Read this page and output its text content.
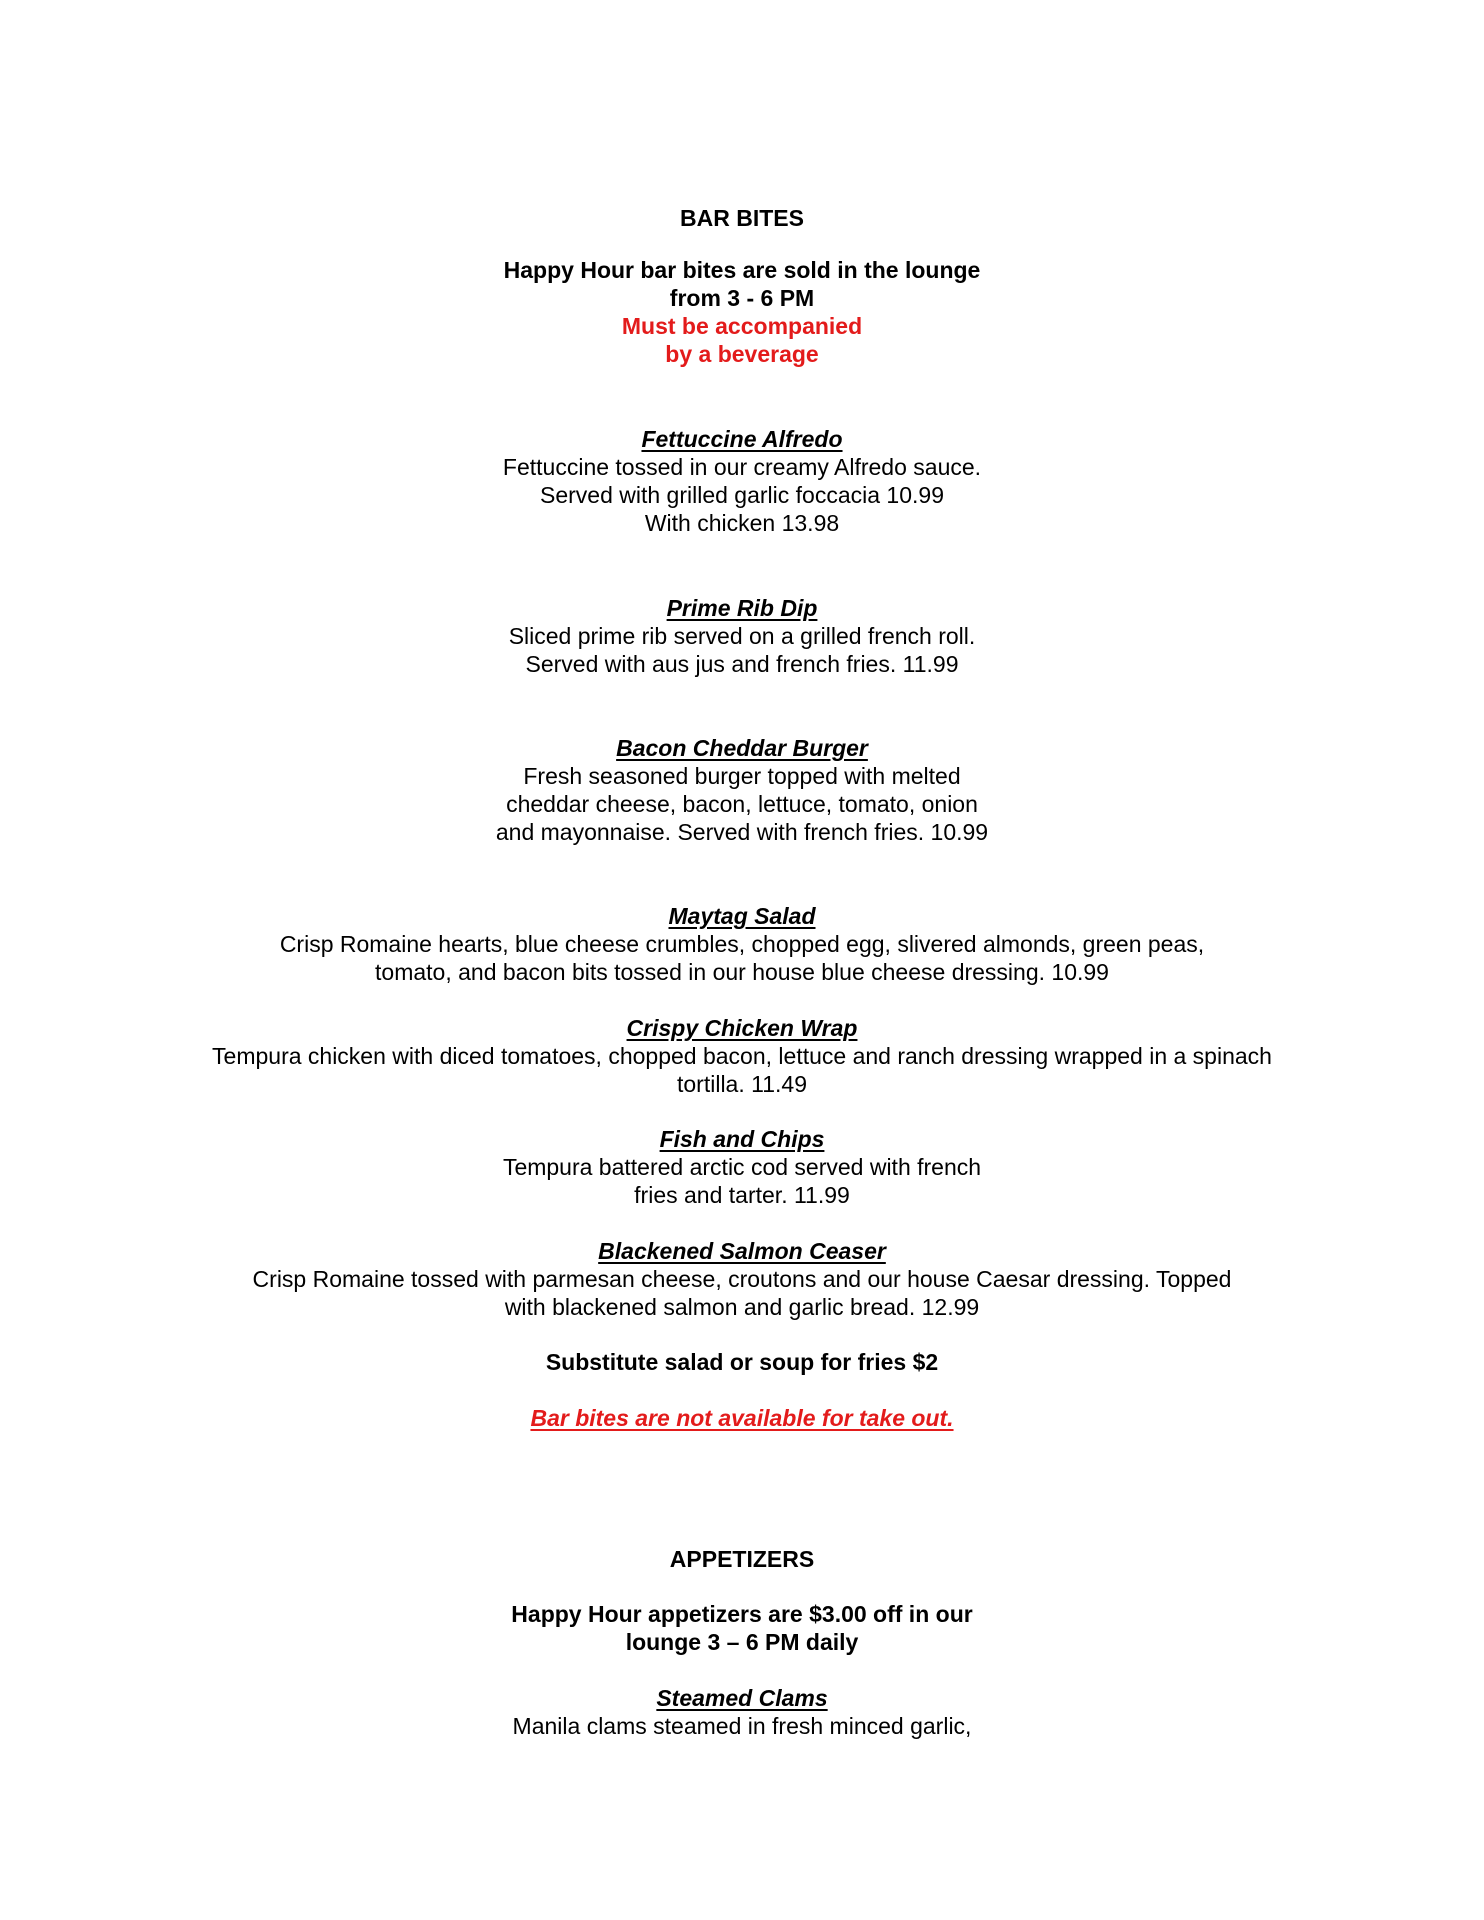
BAR BITES
Happy Hour bar bites are sold in the lounge
from 3 - 6 PM
Must be accompanied
by a beverage
Fettuccine Alfredo
Fettuccine tossed in our creamy Alfredo sauce.
Served with grilled garlic foccacia 10.99
With chicken 13.98
Prime Rib Dip
Sliced prime rib served on a grilled french roll.
Served with aus jus and french fries. 11.99
Bacon Cheddar Burger
Fresh seasoned burger topped with melted
cheddar cheese, bacon, lettuce, tomato, onion
and mayonnaise. Served with french fries. 10.99
Maytag Salad
Crisp Romaine hearts, blue cheese crumbles, chopped egg, slivered almonds, green peas,
tomato, and bacon bits tossed in our house blue cheese dressing. 10.99
Crispy Chicken Wrap
Tempura chicken with diced tomatoes, chopped bacon, lettuce and ranch dressing wrapped in a spinach
tortilla. 11.49
Fish and Chips
Tempura battered arctic cod served with french
fries and tarter. 11.99
Blackened Salmon Ceaser
Crisp Romaine tossed with parmesan cheese, croutons and our house Caesar dressing. Topped
with blackened salmon and garlic bread. 12.99
Substitute salad or soup for fries $2
Bar bites are not available for take out.
APPETIZERS
Happy Hour appetizers are $3.00 off in our
lounge 3 – 6 PM daily
Steamed Clams
Manila clams steamed in fresh minced garlic,
